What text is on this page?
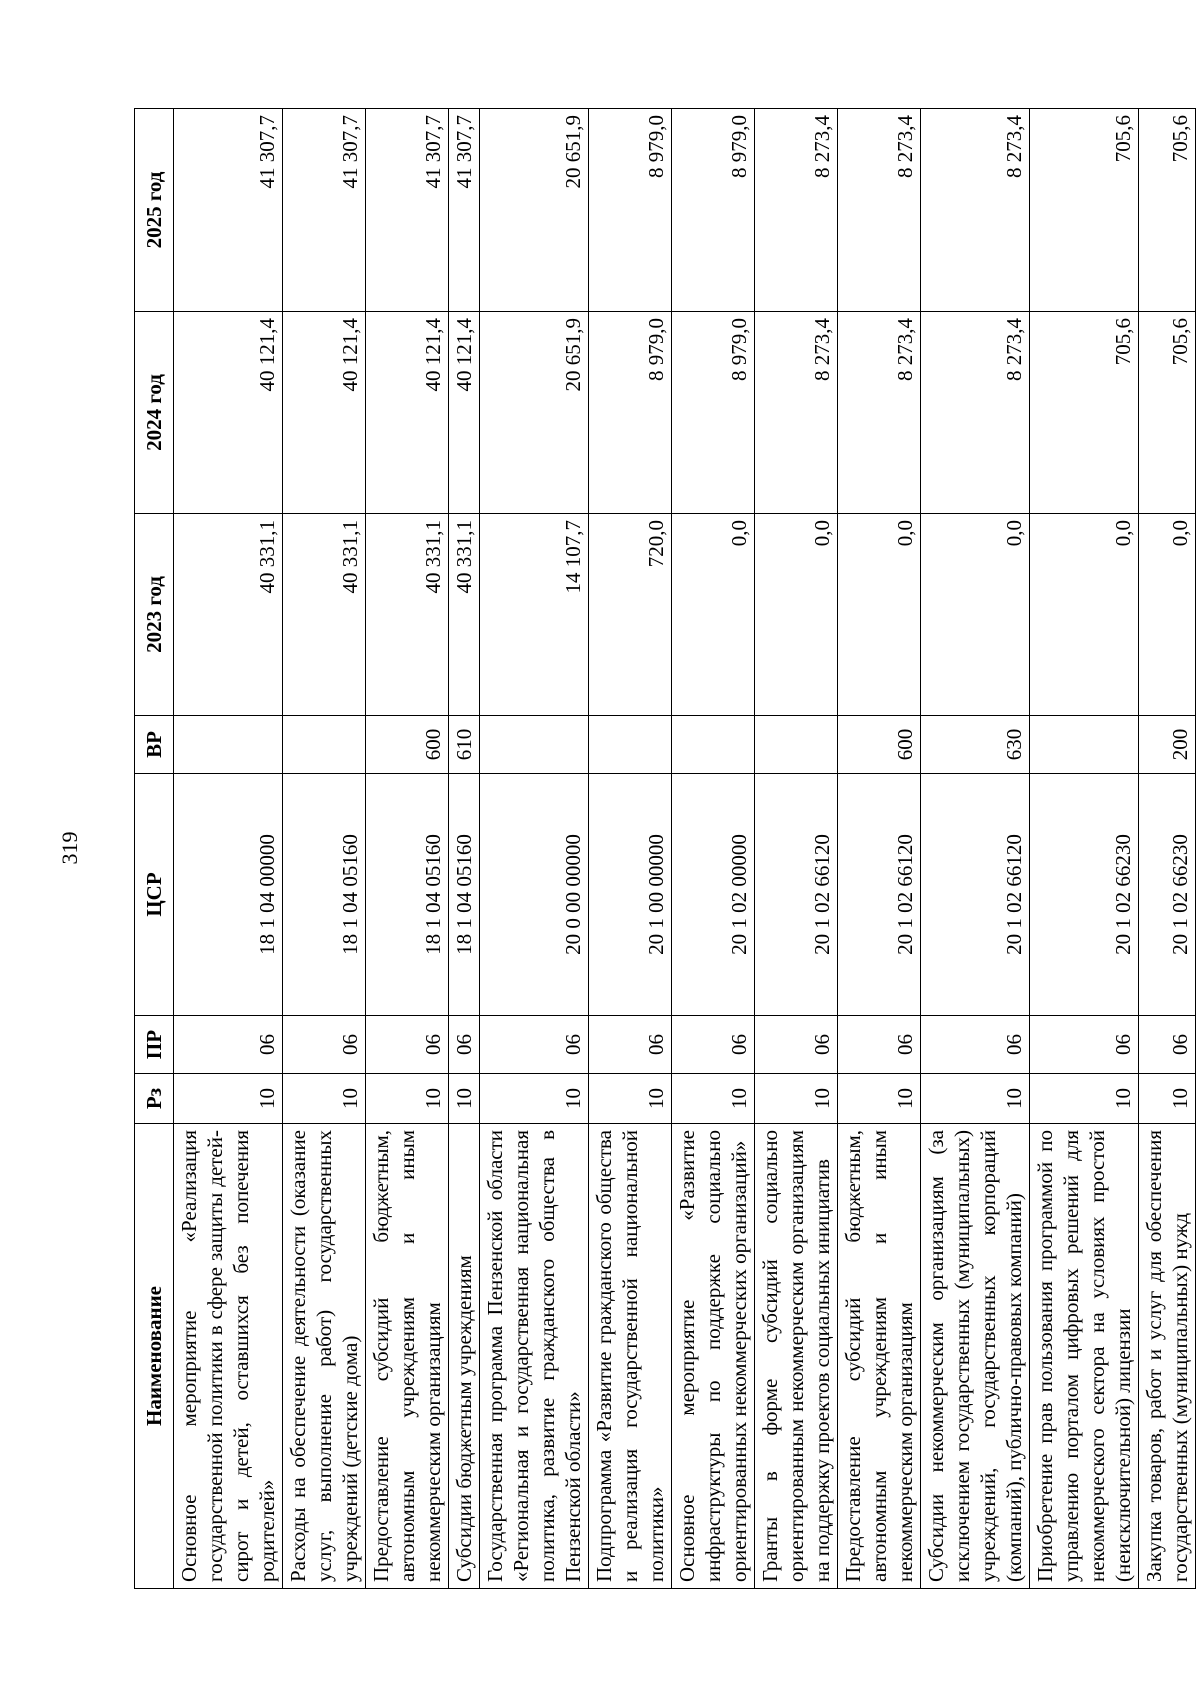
319
Наименование	Рз	ПР	ЦСР	ВР	2023 год	2024 год	2025 год
Основное мероприятие «Реализация государственной политики в сфере защиты детей-сирот и детей, оставшихся без попечения родителей»	10	06	18 1 04 00000		40 331,1	40 121,4	41 307,7
Расходы на обеспечение деятельности (оказание услуг, выполнение работ) государственных учреждений (детские дома)	10	06	18 1 04 05160		40 331,1	40 121,4	41 307,7
Предоставление субсидий бюджетным, автономным учреждениям и иным некоммерческим организациям	10	06	18 1 04 05160	600	40 331,1	40 121,4	41 307,7
Субсидии бюджетным учреждениям	10	06	18 1 04 05160	610	40 331,1	40 121,4	41 307,7
Государственная программа Пензенской области «Региональная и государственная национальная политика, развитие гражданского общества в Пензенской области»	10	06	20 0 00 00000		14 107,7	20 651,9	20 651,9
Подпрограмма «Развитие гражданского общества и реализация государственной национальной политики»	10	06	20 1 00 00000		720,0	8 979,0	8 979,0
Основное мероприятие «Развитие инфраструктуры по поддержке социально ориентированных некоммерческих организаций»	10	06	20 1 02 00000		0,0	8 979,0	8 979,0
Гранты в форме субсидий социально ориентированным некоммерческим организациям на поддержку проектов социальных инициатив	10	06	20 1 02 66120		0,0	8 273,4	8 273,4
Предоставление субсидий бюджетным, автономным учреждениям и иным некоммерческим организациям	10	06	20 1 02 66120	600	0,0	8 273,4	8 273,4
Субсидии некоммерческим организациям (за исключением государственных (муниципальных) учреждений, государственных корпораций (компаний), публично-правовых компаний)	10	06	20 1 02 66120	630	0,0	8 273,4	8 273,4
Приобретение прав пользования программой по управлению порталом цифровых решений для некоммерческого сектора на условиях простой (неисключительной) лицензии	10	06	20 1 02 66230		0,0	705,6	705,6
Закупка товаров, работ и услуг для обеспечения государственных (муниципальных) нужд	10	06	20 1 02 66230	200	0,0	705,6	705,6
